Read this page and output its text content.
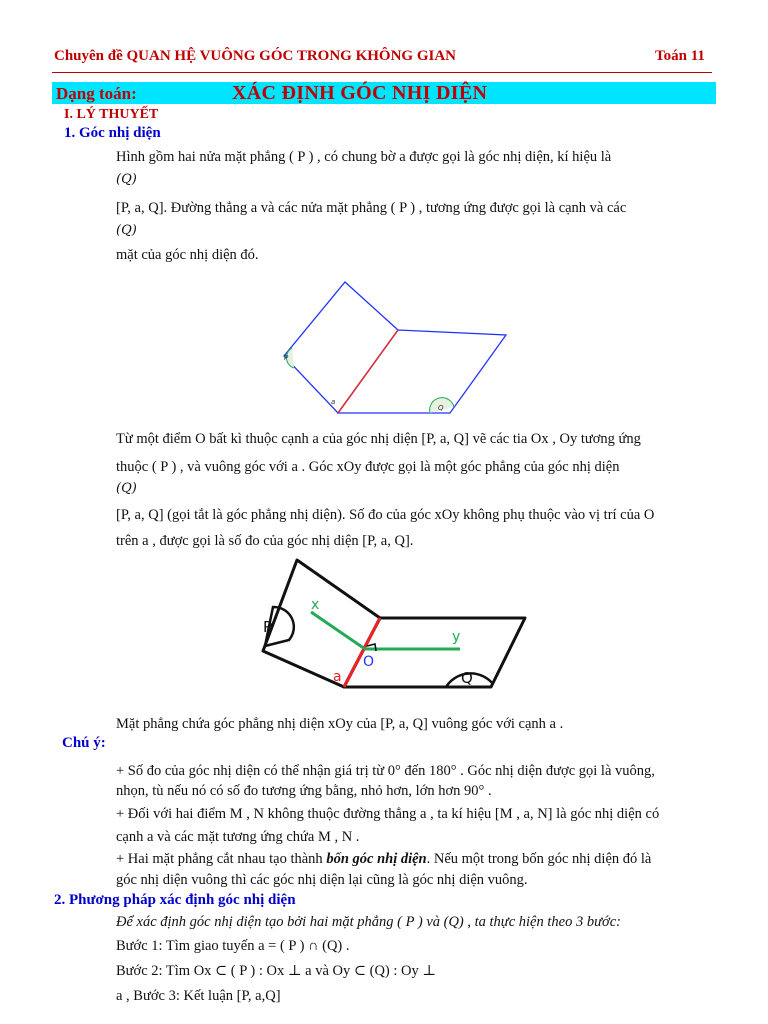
Chuyên đề QUAN HỆ VUÔNG GÓC TRONG KHÔNG GIAN	Toán 11
Dạng toán:	XÁC ĐỊNH GÓC NHỊ DIỆN
I. LÝ THUYẾT
1. Góc nhị diện
Hình gồm hai nửa mặt phẳng ( P ) , có chung bờ a được gọi là góc nhị diện, kí hiệu là
(Q)
[P, a, Q]. Đường thẳng a và các nửa mặt phẳng ( P ) , tương ứng được gọi là cạnh và các
(Q)
mặt của góc nhị diện đó.
P
Q
a
Từ một điểm O bất kì thuộc cạnh a của góc nhị diện [P, a, Q] vẽ các tia Ox , Oy tương ứng
thuộc ( P ) , và vuông góc với a . Góc xOy được gọi là một góc phẳng của góc nhị diện
(Q)
[P, a, Q] (gọi tắt là góc phẳng nhị diện). Số đo của góc xOy không phụ thuộc vào vị trí của O
trên a , được gọi là số đo của góc nhị diện [P, a, Q].
x
y
O
P
Q
a
Mặt phẳng chứa góc phẳng nhị diện xOy của [P, a, Q] vuông góc với cạnh a .
Chú ý:
+ Số đo của góc nhị diện có thể nhận giá trị từ 0° đến 180° . Góc nhị diện được gọi là vuông,
nhọn, tù nếu nó có số đo tương ứng bằng, nhỏ hơn, lớn hơn 90° .
+ Đối với hai điểm M , N không thuộc đường thẳng a , ta kí hiệu [M , a, N] là góc nhị diện có
cạnh a và các mặt tương ứng chứa M , N .
+ Hai mặt phẳng cắt nhau tạo thành bốn góc nhị diện. Nếu một trong bốn góc nhị diện đó là
góc nhị diện vuông thì các góc nhị diện lại cũng là góc nhị diện vuông.
2. Phương pháp xác định góc nhị diện
Để xác định góc nhị diện tạo bởi hai mặt phẳng ( P ) và (Q) , ta thực hiện theo 3 bước:
Bước 1: Tìm giao tuyến a = ( P ) ∩ (Q) .
Bước 2: Tìm Ox ⊂ ( P ) : Ox ⊥ a và Oy ⊂ (Q) : Oy ⊥
a , Bước 3: Kết luận [P, a,Q]
